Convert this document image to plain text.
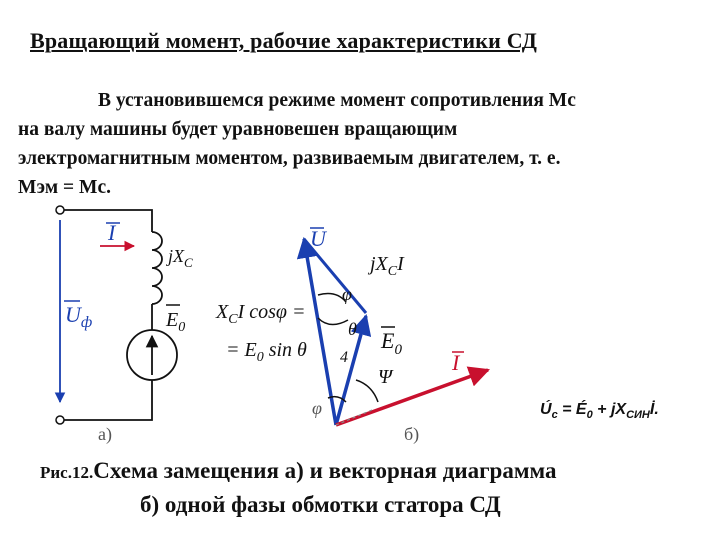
Вращающий момент, рабочие характеристики СД
В установившемся режиме момент сопротивления Мс
на валу машины будет уравновешен вращающим
электромагнитным моментом, развиваемым двигателем, т. е.
Мэм = Мс.
I
$jX_C$
$U_ф$	$E_0$
а)
$X_CI$ cosφ =
= $E_0$ sin θ
U
$jX_CI$
φ
θ
4
$E_0$
Ψ
I
φ
б)
$Ú_с$ = $É_0$ + $jX_{СИН}İ$.
Рис.12.Схема замещения а) и векторная диаграмма
б) одной фазы обмотки статора СД
